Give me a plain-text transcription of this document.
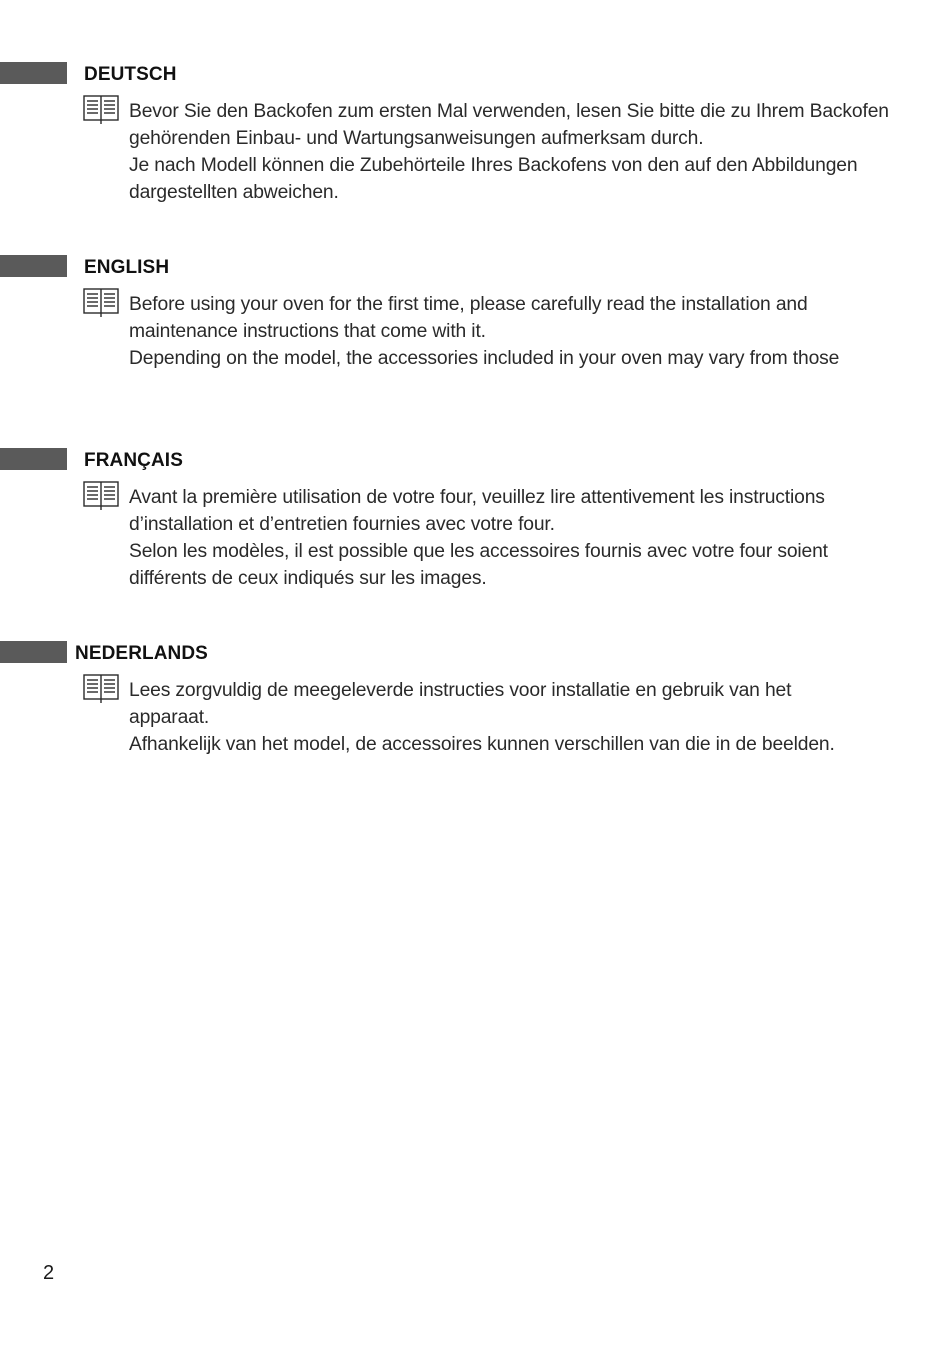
DEUTSCH

Bevor Sie den Backofen zum ersten Mal verwenden, lesen Sie bitte die zu Ihrem Backofen gehörenden Einbau- und Wartungsanweisungen aufmerksam durch.

Je nach Modell können die Zubehörteile Ihres Backofens von den auf den Abbildungen dargestellten abweichen.

ENGLISH

Before using your oven for the first time, please carefully read the installation and maintenance instructions that come with it.

Depending on the model, the accessories included in your oven may vary from those

FRANÇAIS

Avant la première utilisation de votre four, veuillez lire attentivement les instructions d’installation et d’entretien fournies avec votre four.

Selon les modèles, il est possible que les accessoires fournis avec votre four soient différents de ceux indiqués sur les images.

NEDERLANDS

Lees zorgvuldig de meegeleverde instructies voor installatie en gebruik van het apparaat.

Afhankelijk van het model, de accessoires kunnen verschillen van die in de beelden.

2
